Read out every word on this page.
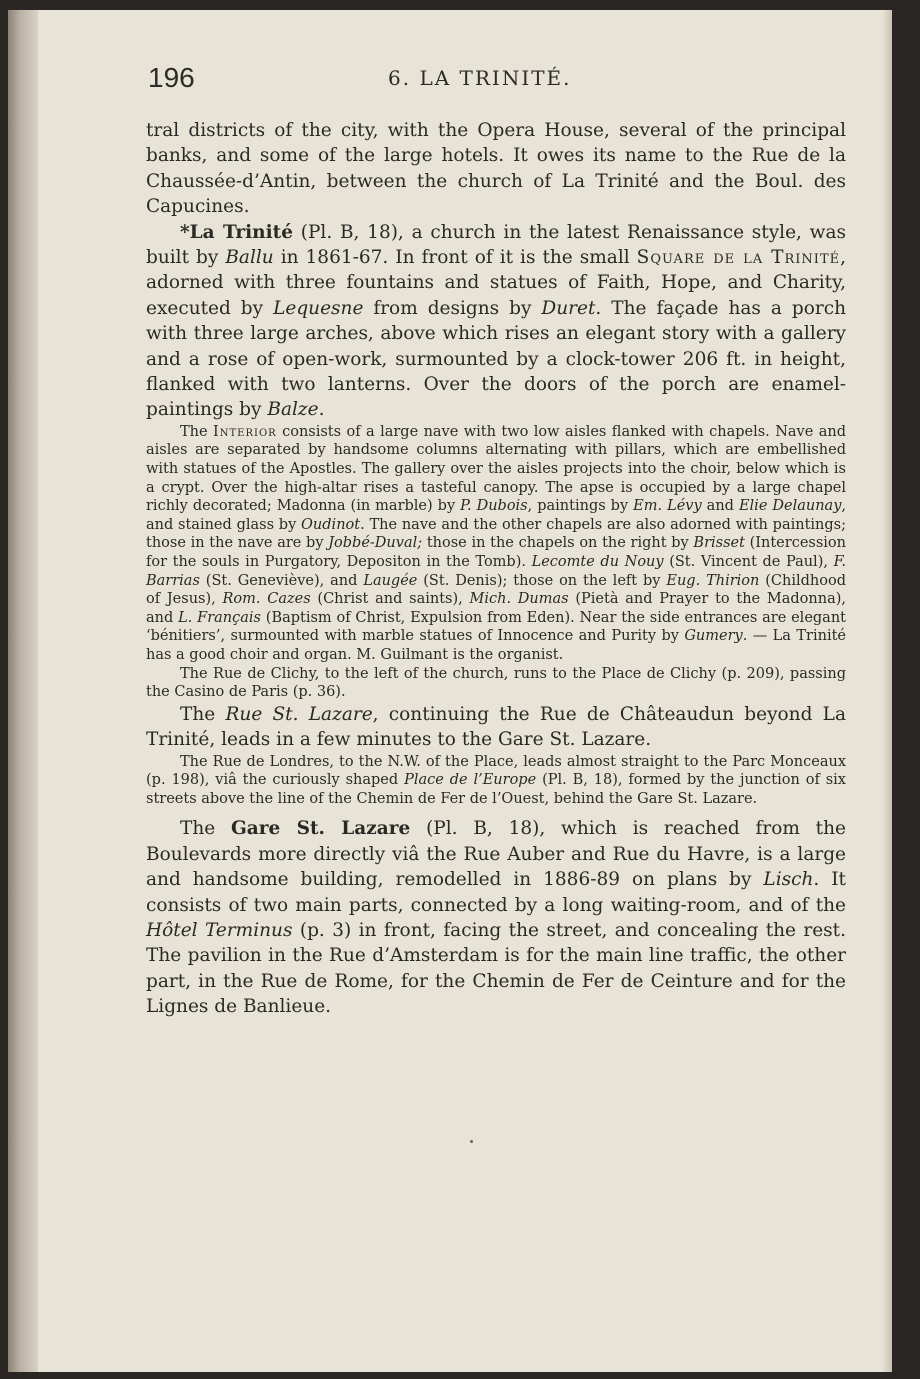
196	6. LA TRINITÉ.

tral districts of the city, with the Opera House, several of the principal banks, and some of the large hotels. It owes its name to the Rue de la Chaussée-d’Antin, between the church of La Trinité and the Boul. des Capucines.

*La Trinité (Pl. B, 18), a church in the latest Renaissance style, was built by Ballu in 1861-67. In front of it is the small Square de la Trinité, adorned with three fountains and statues of Faith, Hope, and Charity, executed by Lequesne from designs by Duret. The façade has a porch with three large arches, above which rises an elegant story with a gallery and a rose of open-work, surmounted by a clock-tower 206 ft. in height, flanked with two lanterns. Over the doors of the porch are enamel-paintings by Balze.

The Interior consists of a large nave with two low aisles flanked with chapels. Nave and aisles are separated by handsome columns alternating with pillars, which are embellished with statues of the Apostles. The gallery over the aisles projects into the choir, below which is a crypt. Over the high-altar rises a tasteful canopy. The apse is occupied by a large chapel richly decorated; Madonna (in marble) by P. Dubois, paintings by Em. Lévy and Elie Delaunay, and stained glass by Oudinot. The nave and the other chapels are also adorned with paintings; those in the nave are by Jobbé-Duval; those in the chapels on the right by Brisset (Intercession for the souls in Purgatory, Depositon in the Tomb). Lecomte du Nouy (St. Vincent de Paul), F. Barrias (St. Geneviève), and Laugée (St. Denis); those on the left by Eug. Thirion (Childhood of Jesus), Rom. Cazes (Christ and saints), Mich. Dumas (Pietà and Prayer to the Madonna), and L. Français (Baptism of Christ, Expulsion from Eden). Near the side entrances are elegant ‘bénitiers’, surmounted with marble statues of Innocence and Purity by Gumery. — La Trinité has a good choir and organ. M. Guilmant is the organist.

The Rue de Clichy, to the left of the church, runs to the Place de Clichy (p. 209), passing the Casino de Paris (p. 36).

The Rue St. Lazare, continuing the Rue de Châteaudun beyond La Trinité, leads in a few minutes to the Gare St. Lazare.

The Rue de Londres, to the N.W. of the Place, leads almost straight to the Parc Monceaux (p. 198), viâ the curiously shaped Place de l’Europe (Pl. B, 18), formed by the junction of six streets above the line of the Chemin de Fer de l’Ouest, behind the Gare St. Lazare.

The Gare St. Lazare (Pl. B, 18), which is reached from the Boulevards more directly viâ the Rue Auber and Rue du Havre, is a large and handsome building, remodelled in 1886-89 on plans by Lisch. It consists of two main parts, connected by a long waiting-room, and of the Hôtel Terminus (p. 3) in front, facing the street, and concealing the rest. The pavilion in the Rue d’Amsterdam is for the main line traffic, the other part, in the Rue de Rome, for the Chemin de Fer de Ceinture and for the Lignes de Banlieue.
